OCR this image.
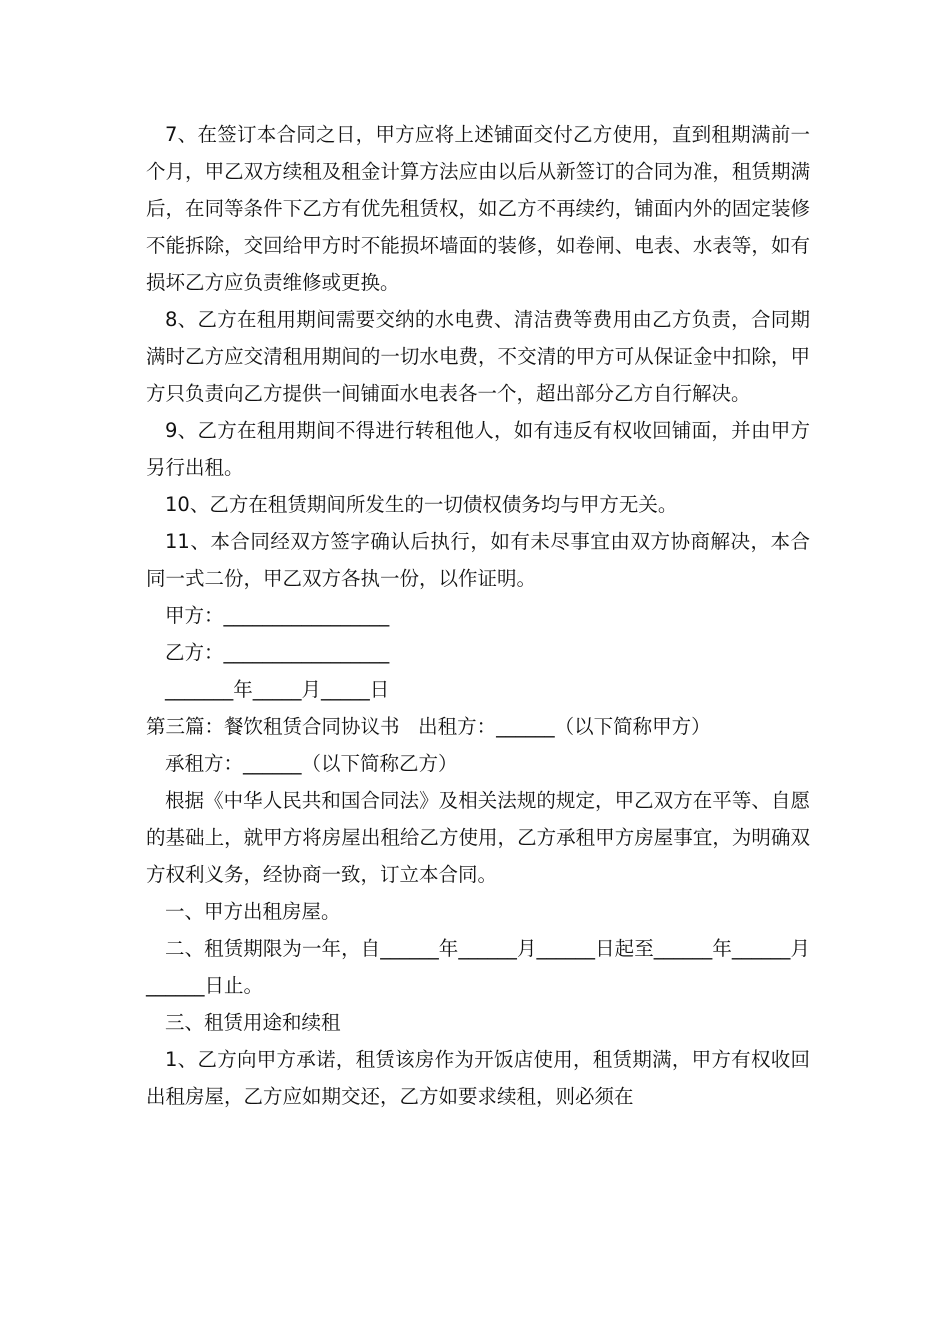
7、在签订本合同之日，甲方应将上述铺面交付乙方使用，直到租期满前一个月，甲乙双方续租及租金计算方法应由以后从新签订的合同为准，租赁期满后，在同等条件下乙方有优先租赁权，如乙方不再续约，铺面内外的固定装修不能拆除，交回给甲方时不能损坏墙面的装修，如卷闸、电表、水表等，如有损坏乙方应负责维修或更换。

8、乙方在租用期间需要交纳的水电费、清洁费等费用由乙方负责，合同期满时乙方应交清租用期间的一切水电费，不交清的甲方可从保证金中扣除，甲方只负责向乙方提供一间铺面水电表各一个，超出部分乙方自行解决。

9、乙方在租用期间不得进行转租他人，如有违反有权收回铺面，并由甲方另行出租。

10、乙方在租赁期间所发生的一切债权债务均与甲方无关。

11、本合同经双方签字确认后执行，如有未尽事宜由双方协商解决，本合同一式二份，甲乙双方各执一份，以作证明。

甲方：_________________

乙方：_________________

_______年_____月_____日

第三篇：餐饮租赁合同协议书   出租方：______（以下简称甲方）

承租方：______（以下简称乙方）

根据《中华人民共和国合同法》及相关法规的规定，甲乙双方在平等、自愿的基础上，就甲方将房屋出租给乙方使用，乙方承租甲方房屋事宜，为明确双方权利义务，经协商一致，订立本合同。

一、甲方出租房屋。

二、租赁期限为一年，自______年______月______日起至______年______月______日止。

三、租赁用途和续租

1、乙方向甲方承诺，租赁该房作为开饭店使用，租赁期满，甲方有权收回出租房屋，乙方应如期交还，乙方如要求续租，则必须在
